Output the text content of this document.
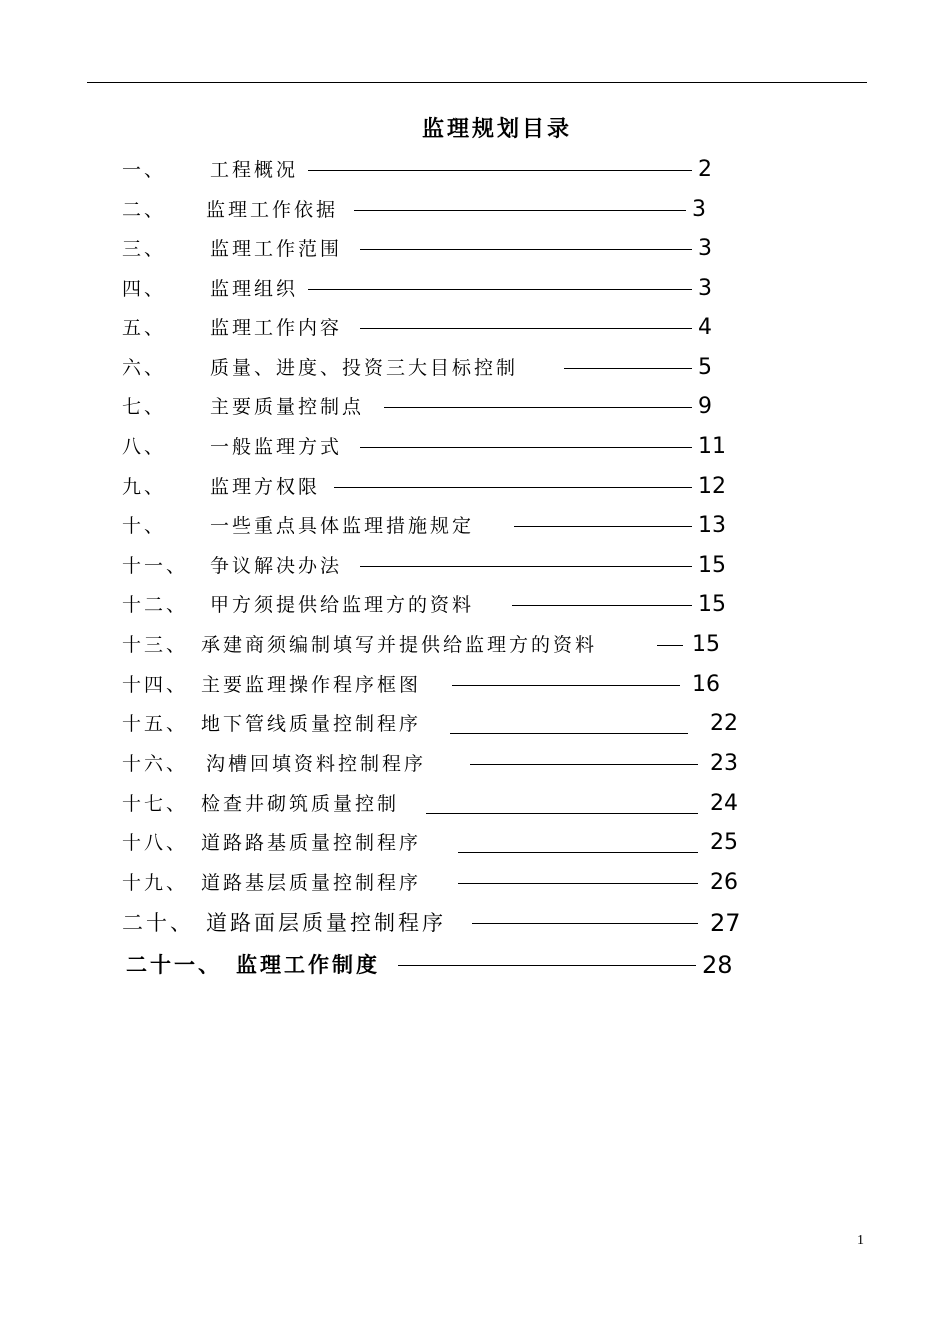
监理规划目录
一、 工程概况	2
二、 监理工作依据	3
三、 监理工作范围	3
四、 监理组织	3
五、 监理工作内容	4
六、 质量、进度、投资三大目标控制	5
七、 主要质量控制点	9
八、 一般监理方式	11
九、 监理方权限	12
十、 一些重点具体监理措施规定	13
十一、 争议解决办法	15
十二、 甲方须提供给监理方的资料	15
十三、 承建商须编制填写并提供给监理方的资料	15
十四、 主要监理操作程序框图	16
十五、 地下管线质量控制程序	22
十六、 沟槽回填资料控制程序	23
十七、 检查井砌筑质量控制	24
十八、 道路路基质量控制程序	25
十九、 道路基层质量控制程序	26
二十、 道路面层质量控制程序	27
二十一、 监理工作制度	28
1
